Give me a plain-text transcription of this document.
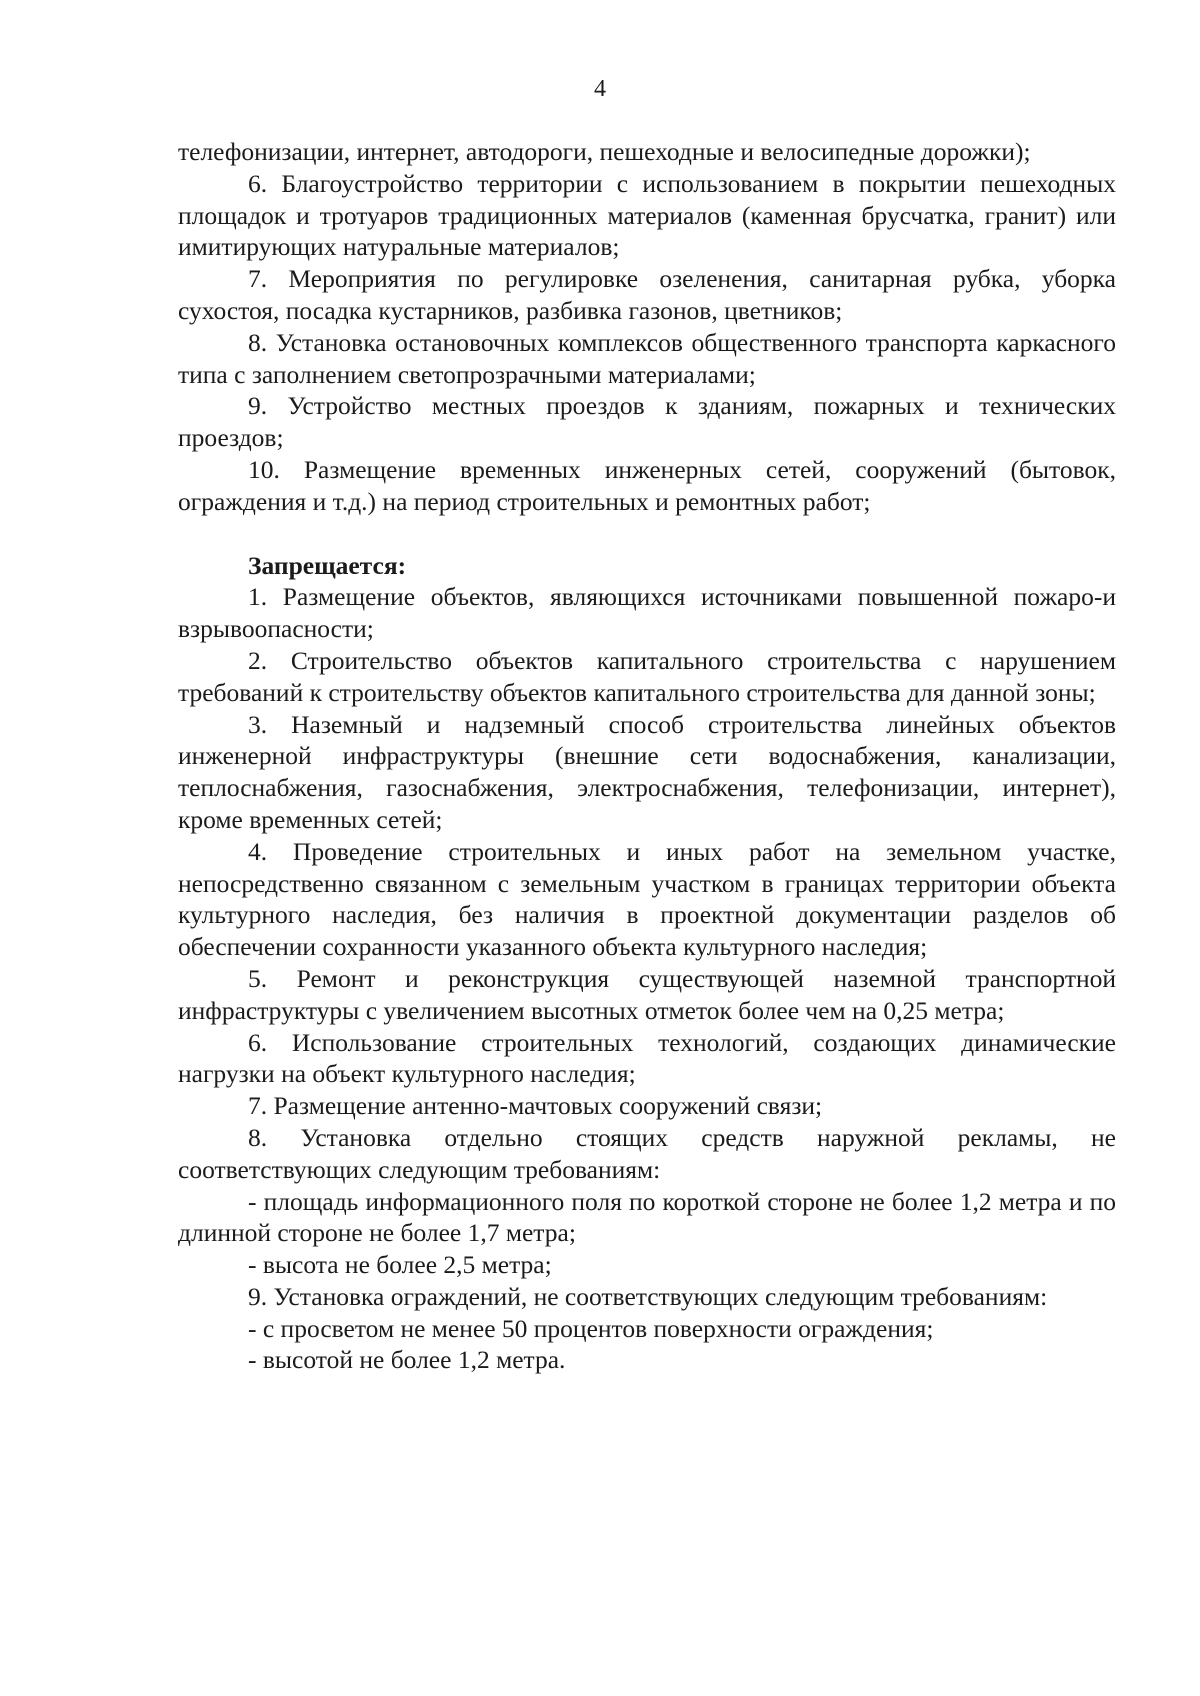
4

телефонизации, интернет, автодороги, пешеходные и велосипедные дорожки);

6. Благоустройство территории с использованием в покрытии пешеходных площадок и тротуаров традиционных материалов (каменная брусчатка, гранит) или имитирующих натуральные материалов;

7. Мероприятия по регулировке озеленения, санитарная рубка, уборка сухостоя, посадка кустарников, разбивка газонов, цветников;

8. Установка остановочных комплексов общественного транспорта каркасного типа с заполнением светопрозрачными материалами;

9. Устройство местных проездов к зданиям, пожарных и технических проездов;

10. Размещение временных инженерных сетей, сооружений (бытовок, ограждения и т.д.) на период строительных и ремонтных работ;

Запрещается:

1. Размещение объектов, являющихся источниками повышенной пожаро-и взрывоопасности;

2. Строительство объектов капитального строительства с нарушением требований к строительству объектов капитального строительства для данной зоны;

3. Наземный и надземный способ строительства линейных объектов инженерной инфраструктуры (внешние сети водоснабжения, канализации, теплоснабжения, газоснабжения, электроснабжения, телефонизации, интернет), кроме временных сетей;

4. Проведение строительных и иных работ на земельном участке, непосредственно связанном с земельным участком в границах территории объекта культурного наследия, без наличия в проектной документации разделов об обеспечении сохранности указанного объекта культурного наследия;

5. Ремонт и реконструкция существующей наземной транспортной инфраструктуры с увеличением высотных отметок более чем на 0,25 метра;

6. Использование строительных технологий, создающих динамические нагрузки на объект культурного наследия;

7. Размещение антенно-мачтовых сооружений связи;

8. Установка отдельно стоящих средств наружной рекламы, не соответствующих следующим требованиям:

- площадь информационного поля по короткой стороне не более 1,2 метра и по длинной стороне не более 1,7 метра;

- высота не более 2,5 метра;

9. Установка ограждений, не соответствующих следующим требованиям:

- с просветом не менее 50 процентов поверхности ограждения;

- высотой не более 1,2 метра.
